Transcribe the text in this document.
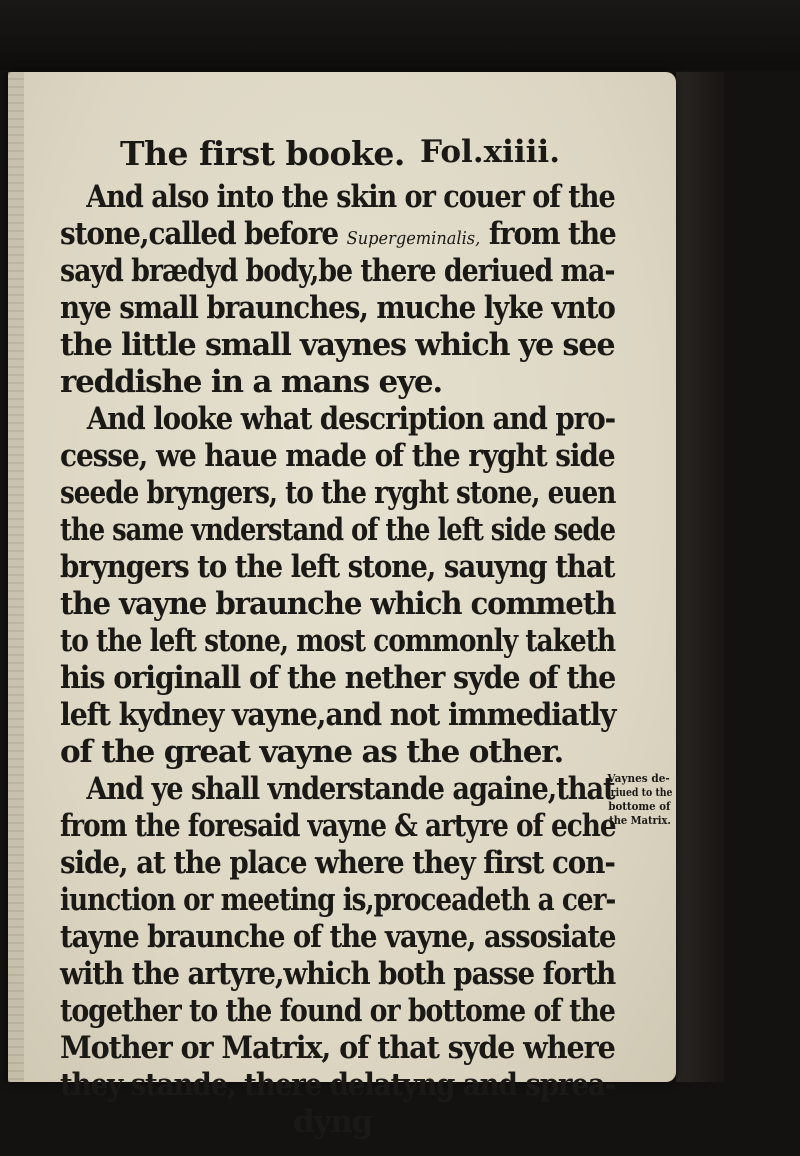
The first booke. Fol.xiiii.
And also into the skin or couer of the
stone,called before Supergeminalis, from the
sayd brædyd body,be there deriued ma-
nye small braunches, muche lyke vnto
the little small vaynes which ye see
reddishe in a mans eye.
And looke what description and pro-
cesse, we haue made of the ryght side
seede bryngers, to the ryght stone, euen
the same vnderstand of the left side sede
bryngers to the left stone, sauyng that
the vayne braunche which commeth
to the left stone, most commonly taketh
his originall of the nether syde of the
left kydney vayne,and not immediatly
of the great vayne as the other.
And ye shall vnderstande againe,that
from the foresaid vayne & artyre of eche
side, at the place where they first con-
iunction or meeting is,proceadeth a cer-
tayne braunche of the vayne, assosiate
with the artyre,which both passe forth
together to the found or bottome of the
Mother or Matrix, of that syde where
they stande, there delatyng and sprea-
dyng
Vaynes de-
riued to the
bottome of
the Matrix.
